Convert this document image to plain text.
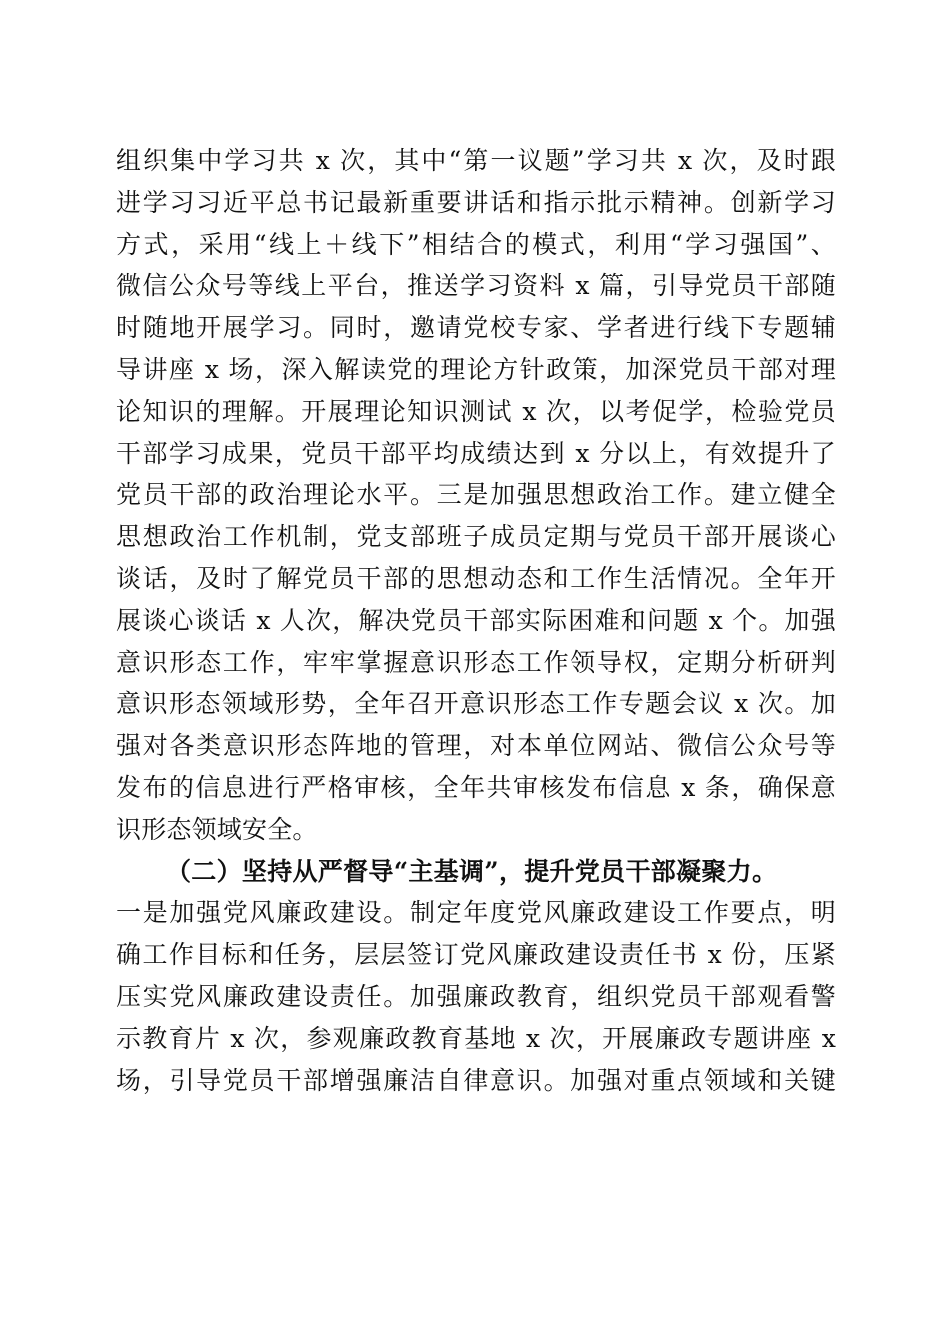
组织集中学习共 x 次，其中“第一议题”学习共 x 次，及时跟
进学习习近平总书记最新重要讲话和指示批示精神。创新学习
方式，采用“线上＋线下”相结合的模式，利用“学习强国”、
微信公众号等线上平台，推送学习资料 x 篇，引导党员干部随
时随地开展学习。同时，邀请党校专家、学者进行线下专题辅
导讲座 x 场，深入解读党的理论方针政策，加深党员干部对理
论知识的理解。开展理论知识测试 x 次，以考促学，检验党员
干部学习成果，党员干部平均成绩达到 x 分以上，有效提升了
党员干部的政治理论水平。三是加强思想政治工作。建立健全
思想政治工作机制，党支部班子成员定期与党员干部开展谈心
谈话，及时了解党员干部的思想动态和工作生活情况。全年开
展谈心谈话 x 人次，解决党员干部实际困难和问题 x 个。加强
意识形态工作，牢牢掌握意识形态工作领导权，定期分析研判
意识形态领域形势，全年召开意识形态工作专题会议 x 次。加
强对各类意识形态阵地的管理，对本单位网站、微信公众号等
发布的信息进行严格审核，全年共审核发布信息 x 条，确保意
识形态领域安全。

（二）坚持从严督导“主基调”，提升党员干部凝聚力。

一是加强党风廉政建设。制定年度党风廉政建设工作要点，明
确工作目标和任务，层层签订党风廉政建设责任书 x 份，压紧
压实党风廉政建设责任。加强廉政教育，组织党员干部观看警
示教育片 x 次，参观廉政教育基地 x 次，开展廉政专题讲座 x
场，引导党员干部增强廉洁自律意识。加强对重点领域和关键
